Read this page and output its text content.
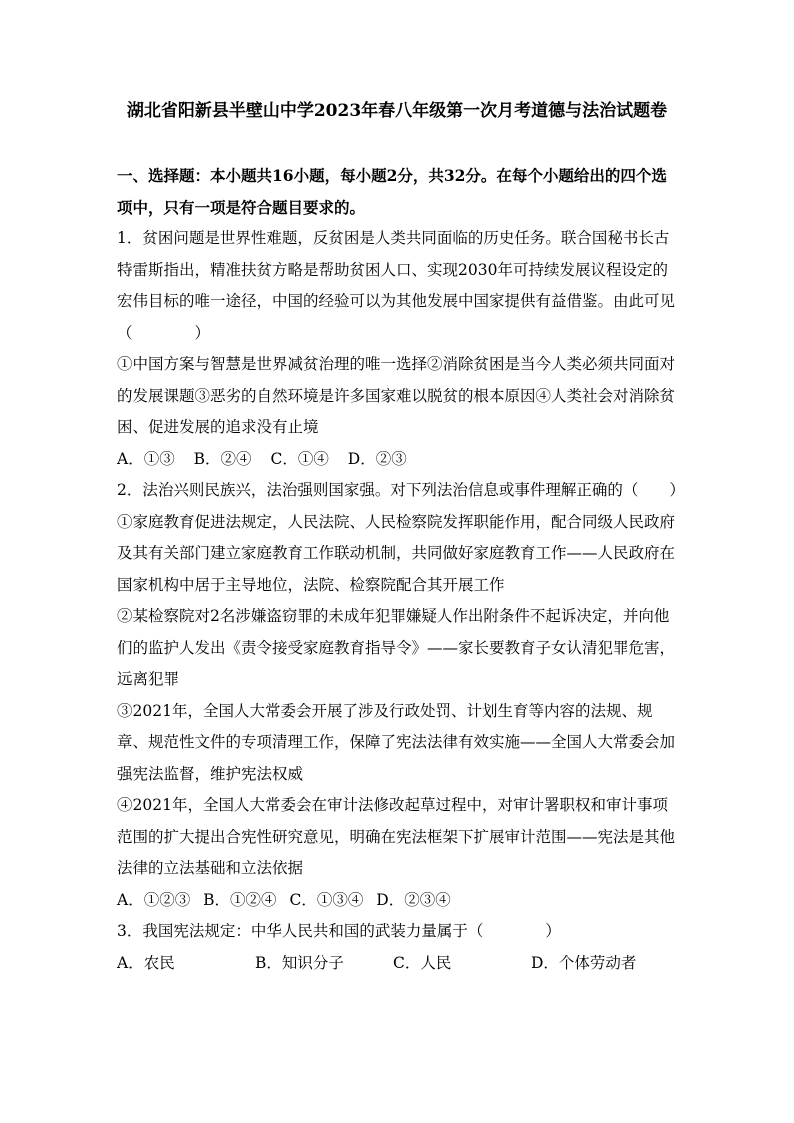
湖北省阳新县半壁山中学2023年春八年级第一次月考道德与法治试题卷

一、选择题：本小题共16小题，每小题2分，共32分。在每个小题给出的四个选项中，只有一项是符合题目要求的。

1．贫困问题是世界性难题，反贫困是人类共同面临的历史任务。联合国秘书长古特雷斯指出，精准扶贫方略是帮助贫困人口、实现2030年可持续发展议程设定的宏伟目标的唯一途径，中国的经验可以为其他发展中国家提供有益借鉴。由此可见（　　　　）

①中国方案与智慧是世界减贫治理的唯一选择②消除贫困是当今人类必须共同面对的发展课题③恶劣的自然环境是许多国家难以脱贫的根本原因④人类社会对消除贫困、促进发展的追求没有止境

A．①③ B．②④ C．①④ D．②③

2．法治兴则民族兴，法治强则国家强。对下列法治信息或事件理解正确的（　　）

①家庭教育促进法规定，人民法院、人民检察院发挥职能作用，配合同级人民政府及其有关部门建立家庭教育工作联动机制，共同做好家庭教育工作——人民政府在国家机构中居于主导地位，法院、检察院配合其开展工作

②某检察院对2名涉嫌盗窃罪的未成年犯罪嫌疑人作出附条件不起诉决定，并向他们的监护人发出《责令接受家庭教育指导令》——家长要教育子女认清犯罪危害，远离犯罪

③2021年，全国人大常委会开展了涉及行政处罚、计划生育等内容的法规、规章、规范性文件的专项清理工作，保障了宪法法律有效实施——全国人大常委会加强宪法监督，维护宪法权威

④2021年，全国人大常委会在审计法修改起草过程中，对审计署职权和审计事项范围的扩大提出合宪性研究意见，明确在宪法框架下扩展审计范围——宪法是其他法律的立法基础和立法依据

A．①②③ B．①②④ C．①③④ D．②③④

3．我国宪法规定：中华人民共和国的武装力量属于（　　　　）

A．农民	B．知识分子	C．人民	D．个体劳动者
